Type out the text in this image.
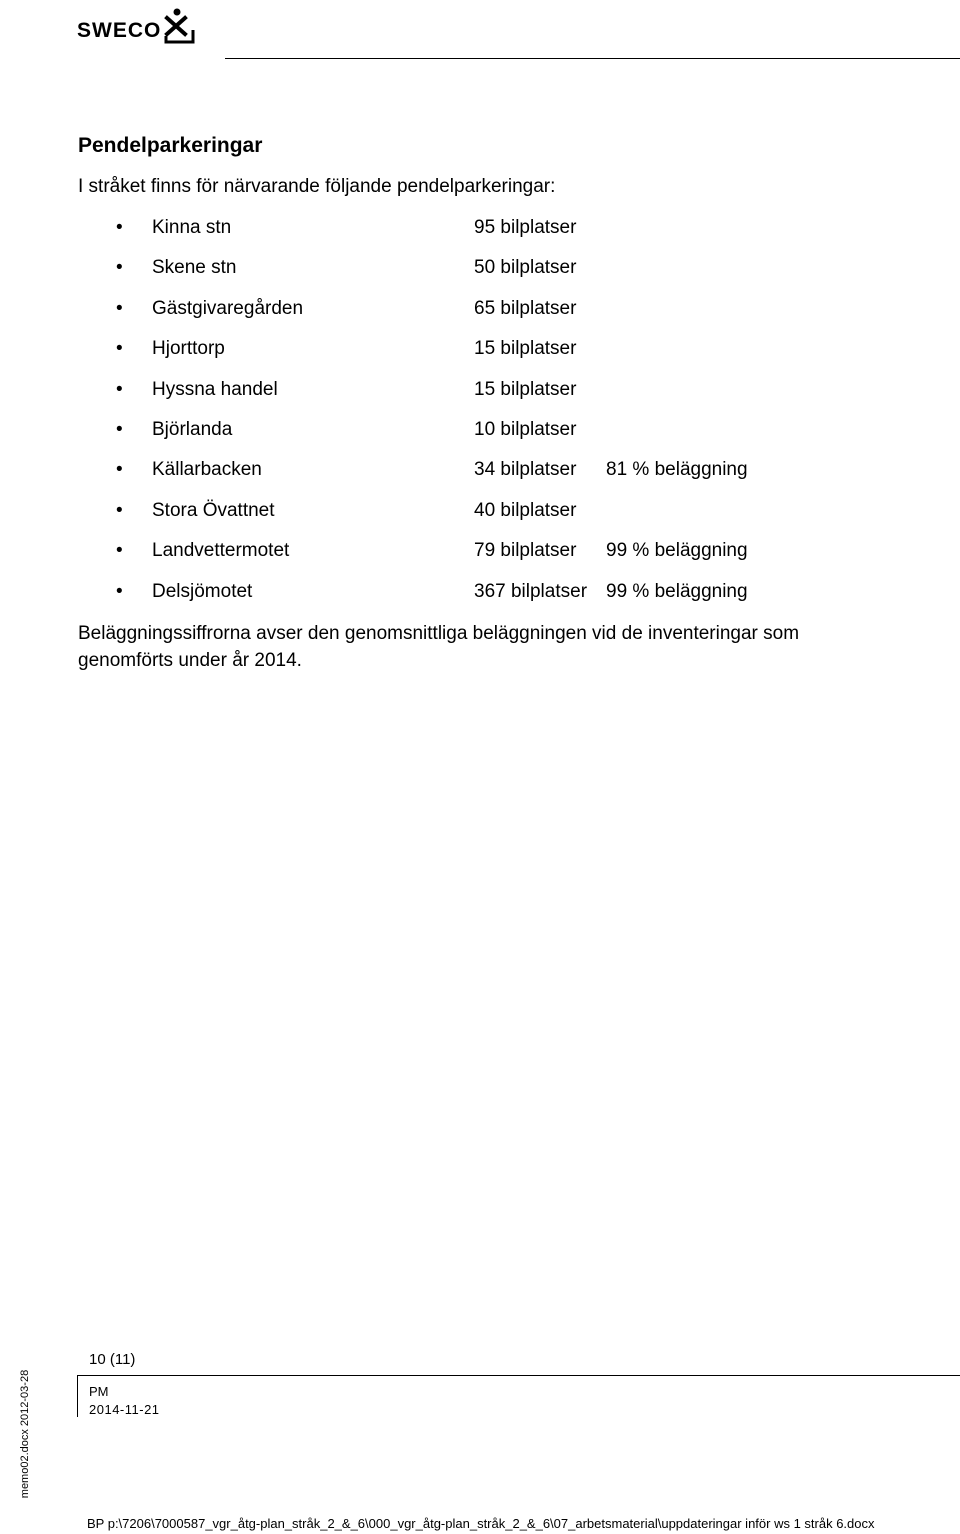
SWECO
Pendelparkeringar
I stråket finns för närvarande följande pendelparkeringar:
• Kinna stn	95 bilplatser
• Skene stn	50 bilplatser
• Gästgivaregården	65 bilplatser
• Hjorttorp	15 bilplatser
• Hyssna handel	15 bilplatser
• Björlanda	10 bilplatser
• Källarbacken	34 bilplatser 81 % beläggning
• Stora Övattnet	40 bilplatser
• Landvettermotet	79 bilplatser 99 % beläggning
• Delsjömotet	367 bilplatser 99 % beläggning

Beläggningssiffrorna avser den genomsnittliga beläggningen vid de inventeringar som genomförts under år 2014.

10 (11)
PM
2014-11-21
memo02.docx 2012-03-28
BP p:\7206\7000587_vgr_åtg-plan_stråk_2_&_6\000_vgr_åtg-plan_stråk_2_&_6\07_arbetsmaterial\uppdateringar inför ws 1 stråk 6.docx
